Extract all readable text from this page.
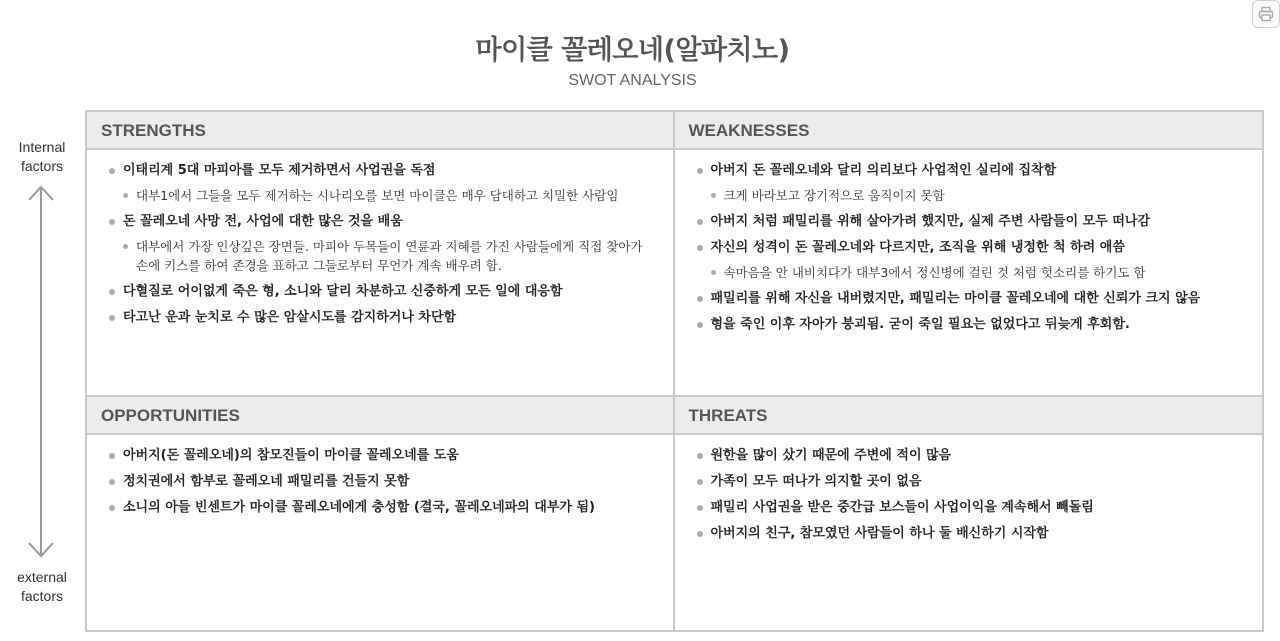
마이클 꼴레오네(알파치노)
SWOT ANALYSIS
Internal factors
external factors
STRENGTHS
이태리계 5대 마피아를 모두 제거하면서 사업권을 독점
대부1에서 그들을 모두 제거하는 시나리오를 보면 마이클은 매우 담대하고 치밀한 사람임
돈 꼴레오네 사망 전, 사업에 대한 많은 것을 배움
대부에서 가장 인상깊은 장면들. 마피아 두목들이 연륜과 지혜를 가진 사람들에게 직접 찾아가 손에 키스를 하여 존경을 표하고 그들로부터 무언가 계속 배우려 함.
다혈질로 어이없게 죽은 형, 소니와 달리 차분하고 신중하게 모든 일에 대응함
타고난 운과 눈치로 수 많은 암살시도를 감지하거나 차단함
WEAKNESSES
아버지 돈 꼴레오네와 달리 의리보다 사업적인 실리에 집착함
크게 바라보고 장기적으로 움직이지 못함
아버지 처럼 패밀리를 위해 살아가려 했지만, 실제 주변 사람들이 모두 떠나감
자신의 성격이 돈 꼴레오네와 다르지만, 조직을 위해 냉정한 척 하려 애씀
속마음을 안 내비치다가 대부3에서 정신병에 걸린 것 처럼 헛소리를 하기도 함
패밀리를 위해 자신을 내버렸지만, 패밀리는 마이클 꼴레오네에 대한 신뢰가 크지 않음
형을 죽인 이후 자아가 붕괴됨. 굳이 죽일 필요는 없었다고 뒤늦게 후회함.
OPPORTUNITIES
아버지(돈 꼴레오네)의 참모진들이 마이클 꼴레오네를 도움
정치권에서 함부로 꼴레오네 패밀리를 건들지 못함
소니의 아들 빈센트가 마이클 꼴레오네에게 충성함 (결국, 꼴레오네파의 대부가 됨)
THREATS
원한을 많이 샀기 때문에 주변에 적이 많음
가족이 모두 떠나가 의지할 곳이 없음
패밀리 사업권을 받은 중간급 보스들이 사업이익을 계속해서 빼돌림
아버지의 친구, 참모였던 사람들이 하나 둘 배신하기 시작함
